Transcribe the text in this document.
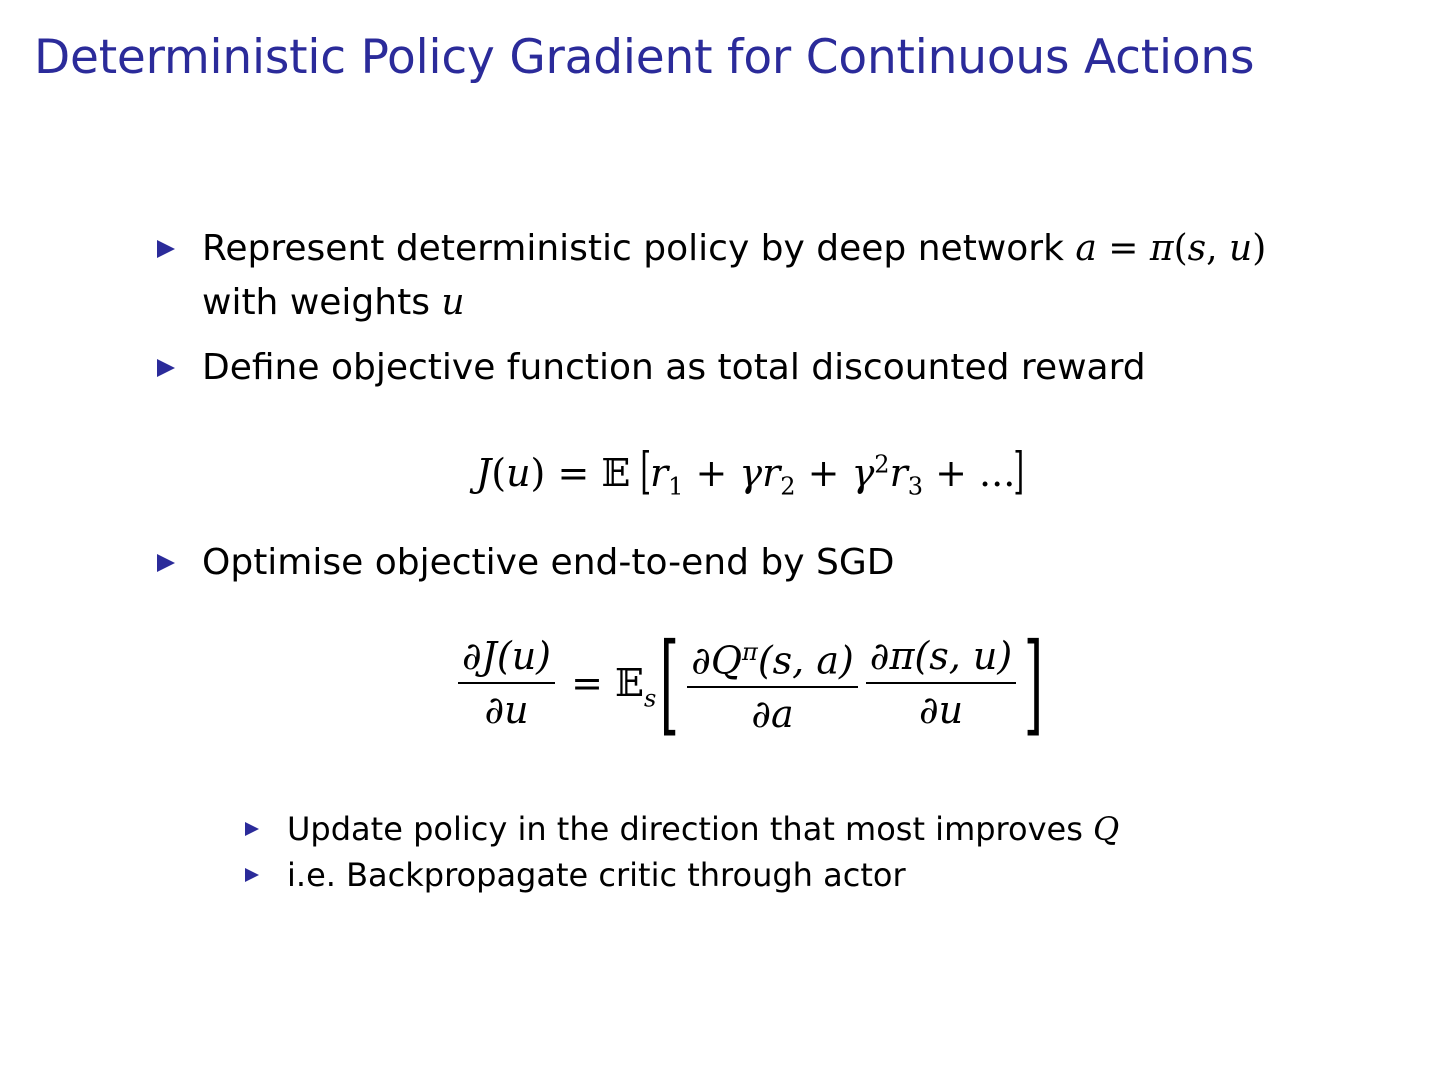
Deterministic Policy Gradient for Continuous Actions
Represent deterministic policy by deep network a = π(s, u)
with weights u
Define objective function as total discounted reward
J(u) = 𝔼 [$r_1 + \gamma r_2 + \gamma^2r_3$ + ...]
Optimise objective end-to-end by SGD
$\frac{\partial J(u)}{\partial u}$ = 𝔼$_s$[ $\frac{\partial Q^\pi(s, a)}{\partial a} \frac{\partial\pi(s, u)}{\partial u}$ ]
Update policy in the direction that most improves Q
i.e. Backpropagate critic through actor
